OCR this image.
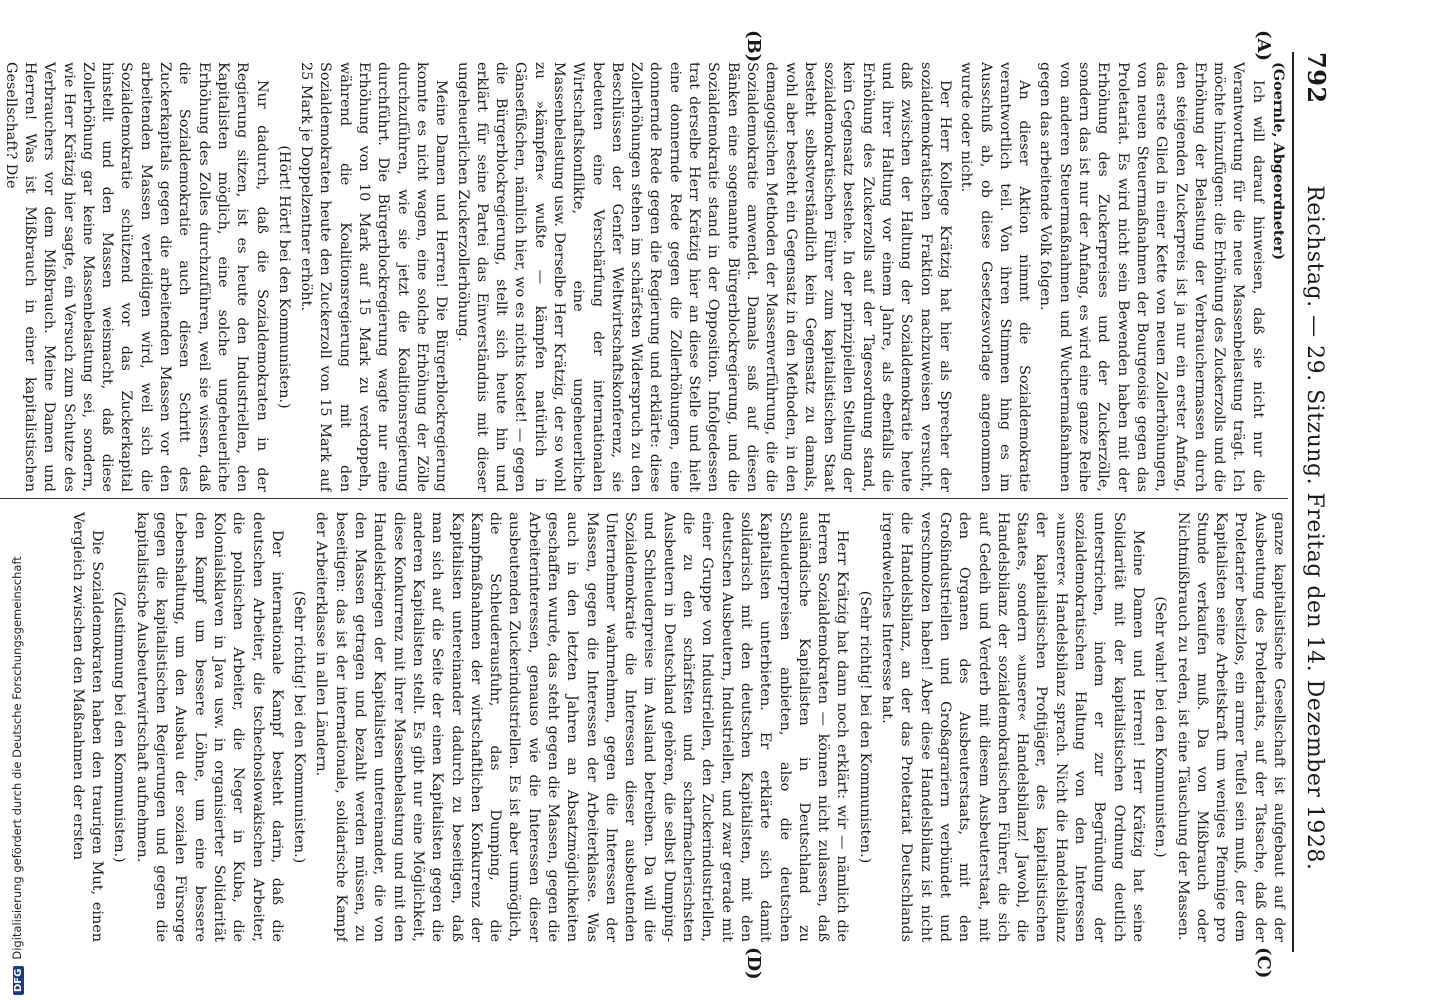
792
Reichstag. — 29. Sitzung. Freitag den 14. Dezember 1928.
(A)
(B)
(C)
(D)

(Goernle, Abgeordneter)

Ich will darauf hinweisen, daß sie nicht nur die Verantwortung für die neue Massenbelastung trägt. Ich möchte hinzufügen: die Erhöhung des Zuckerzolls und die Erhöhung der Belastung der Verbrauchermassen durch den steigenden Zuckerpreis ist ja nur ein erster Anfang, das erste Glied in einer Kette von neuen Zollerhöhungen, von neuen Steuermaßnahmen der Bourgeoisie gegen das Proletariat. Es wird nicht sein Bewenden haben mit der Erhöhung des Zuckerpreises und der Zuckerzölle, sondern das ist nur der Anfang, es wird eine ganze Reihe von anderen Steuermaßnahmen und Wuchermaßnahmen gegen das arbeitende Volk folgen.

An dieser Aktion nimmt die Sozialdemokratie verantwortlich teil. Von ihren Stimmen hing es im Ausschuß ab, ob diese Gesetzesvorlage angenommen wurde oder nicht.

Der Herr Kollege Krätzig hat hier als Sprecher der sozialdemokratischen Fraktion nachzuweisen versucht, daß zwischen der Haltung der Sozialdemokratie heute und ihrer Haltung vor einem Jahre, als ebenfalls die Erhöhung des Zuckerzolls auf der Tagesordnung stand, kein Gegensatz bestehe. In der prinzipiellen Stellung der sozialdemokratischen Führer zum kapitalistischen Staat besteht selbstverständlich kein Gegensatz zu damals, wohl aber besteht ein Gegensatz in den Methoden, in den demagogischen Methoden der Massenverführung, die die Sozialdemokratie anwendet. Damals saß auf diesen Bänken eine sogenannte Bürgerblockregierung, und die Sozialdemokratie stand in der Opposition. Infolgedessen trat derselbe Herr Krätzig hier an diese Stelle und hielt eine donnernde Rede gegen die Zollerhöhungen, eine donnernde Rede gegen die Regierung und erklärte: diese Zollerhöhungen stehen im schärfsten Widerspruch zu den Beschlüssen der Genfer Weltwirtschaftskonferenz, sie bedeuten eine Verschärfung der internationalen Wirtschaftskonflikte, eine ungeheuerliche Massenbelastung usw. Derselbe Herr Krätzig, der so wohl zu »kämpfen« wußte — kämpfen natürlich in Gänsefüßchen, nämlich hier, wo es nichts kostet! — gegen die Bürgerblockregierung, stellt sich heute hin und erklärt für seine Partei das Einverständnis mit dieser ungeheuerlichen Zuckerzollerhöhung.

Meine Damen und Herren! Die Bürgerblockregierung konnte es nicht wagen, eine solche Erhöhung der Zölle durchzuführen, wie sie jetzt die Koalitionsregierung durchführt. Die Bürgerblockregierung wagte nur eine Erhöhung von 10 Mark auf 15 Mark zu verdoppeln, während die Koalitionsregierung mit den Sozialdemokraten heute den Zuckerzoll von 15 Mark auf 25 Mark je Doppelzentner erhöht.

(Hört! Hört! bei den Kommunisten.)

Nur dadurch, daß die Sozialdemokraten in der Regierung sitzen, ist es heute den Industriellen, den Kapitalisten möglich, eine solche ungeheuerliche Erhöhung des Zolles durchzuführen, weil sie wissen, daß die Sozialdemokratie auch diesen Schritt des Zuckerkapitals gegen die arbeitenden Massen vor den arbeitenden Massen verteidigen wird, weil sich die Sozialdemokratie schützend vor das Zuckerkapital hinstellt und den Massen weismacht, daß diese Zollerhöhung gar keine Massenbelastung sei, sondern, wie Herr Krätzig hier sagte, ein Versuch zum Schutze des Verbrauchers vor dem Mißbrauch. Meine Damen und Herren! Was ist Mißbrauch in einer kapitalistischen Gesellschaft? Die

ganze kapitalistische Gesellschaft ist aufgebaut auf der Ausbeutung des Proletariats, auf der Tatsache, daß der Proletarier besitzlos, ein armer Teufel sein muß, der dem Kapitalisten seine Arbeitskraft um weniges Pfennige pro Stunde verkaufen muß. Da von Mißbrauch oder Nichtmißbrauch zu reden, ist eine Täuschung der Massen.

(Sehr wahr! bei den Kommunisten.)

Meine Damen und Herren! Herr Krätzig hat seine Solidarität mit der kapitalistischen Ordnung deutlich unterstrichen, indem er zur Begründung der sozialdemokratischen Haltung von den Interessen »unserer« Handelsbilanz sprach. Nicht die Handelsbilanz der kapitalistischen Profitjäger, des kapitalistischen Staates, sondern »unsere« Handelsbilanz! Jawohl, die Handelsbilanz der sozialdemokratischen Führer, die sich auf Gedeih und Verderb mit diesem Ausbeuterstaat, mit den Organen des Ausbeuterstaats, mit den Großindustriellen und Großagrariern verbündet und verschmolzen haben! Aber diese Handelsbilanz ist nicht die Handelsbilanz, an der das Proletariat Deutschlands irgendwelches Interesse hat.

(Sehr richtig! bei den Kommunisten.)

Herr Krätzig hat dann noch erklärt: wir — nämlich die Herren Sozialdemokraten — können nicht zulassen, daß ausländische Kapitalisten in Deutschland zu Schleuderpreisen anbieten, also die deutschen Kapitalisten unterbieten. Er erklärte sich damit solidarisch mit den deutschen Kapitalisten, mit den deutschen Ausbeutern, Industriellen, und zwar gerade mit einer Gruppe von Industriellen, den Zuckerindustriellen, die zu den schärfsten und scharfmacherischsten Ausbeutern in Deutschland gehören, die selbst Dumping- und Schleuderpreise im Ausland betreiben. Da will die Sozialdemokratie die Interessen dieser ausbeutenden Unternehmer wahrnehmen, gegen die Interessen der Massen, gegen die Interessen der Arbeiterklasse. Was auch in den letzten Jahren an Absatzmöglichkeiten geschaffen wurde, das steht gegen die Massen, gegen die Arbeiterinteressen, genauso wie die Interessen dieser ausbeutenden Zuckerindustriellen. Es ist aber unmöglich, die Schleuderausfuhr, das Dumping, die Kampfmaßnahmen der wirtschaftlichen Konkurrenz der Kapitalisten untereinander dadurch zu beseitigen, daß man sich auf die Seite der einen Kapitalisten gegen die anderen Kapitalisten stellt. Es gibt nur eine Möglichkeit, diese Konkurrenz mit ihrer Massenbelastung und mit den Handelskriegen der Kapitalisten untereinander, die von den Massen getragen und bezahlt werden müssen, zu beseitigen: das ist der internationale, solidarische Kampf der Arbeiterklasse in allen Ländern.

(Sehr richtig! bei den Kommunisten.)

Der internationale Kampf besteht darin, daß die deutschen Arbeiter, die tschechoslowakischen Arbeiter, die polnischen Arbeiter, die Neger in Kuba, die Kolonialsklaven in Java usw. in organisierter Solidarität den Kampf um bessere Löhne, um eine bessere Lebenshaltung, um den Ausbau der sozialen Fürsorge gegen die kapitalistischen Regierungen und gegen die kapitalistische Ausbeuterwirtschaft aufnehmen.

(Zustimmung bei den Kommunisten.)

Die Sozialdemokraten haben den traurigen Mut, einen Vergleich zwischen den Maßnahmen der ersten

DFGDigitalisierung gefördert durch die Deutsche Forschungsgemeinschaft
